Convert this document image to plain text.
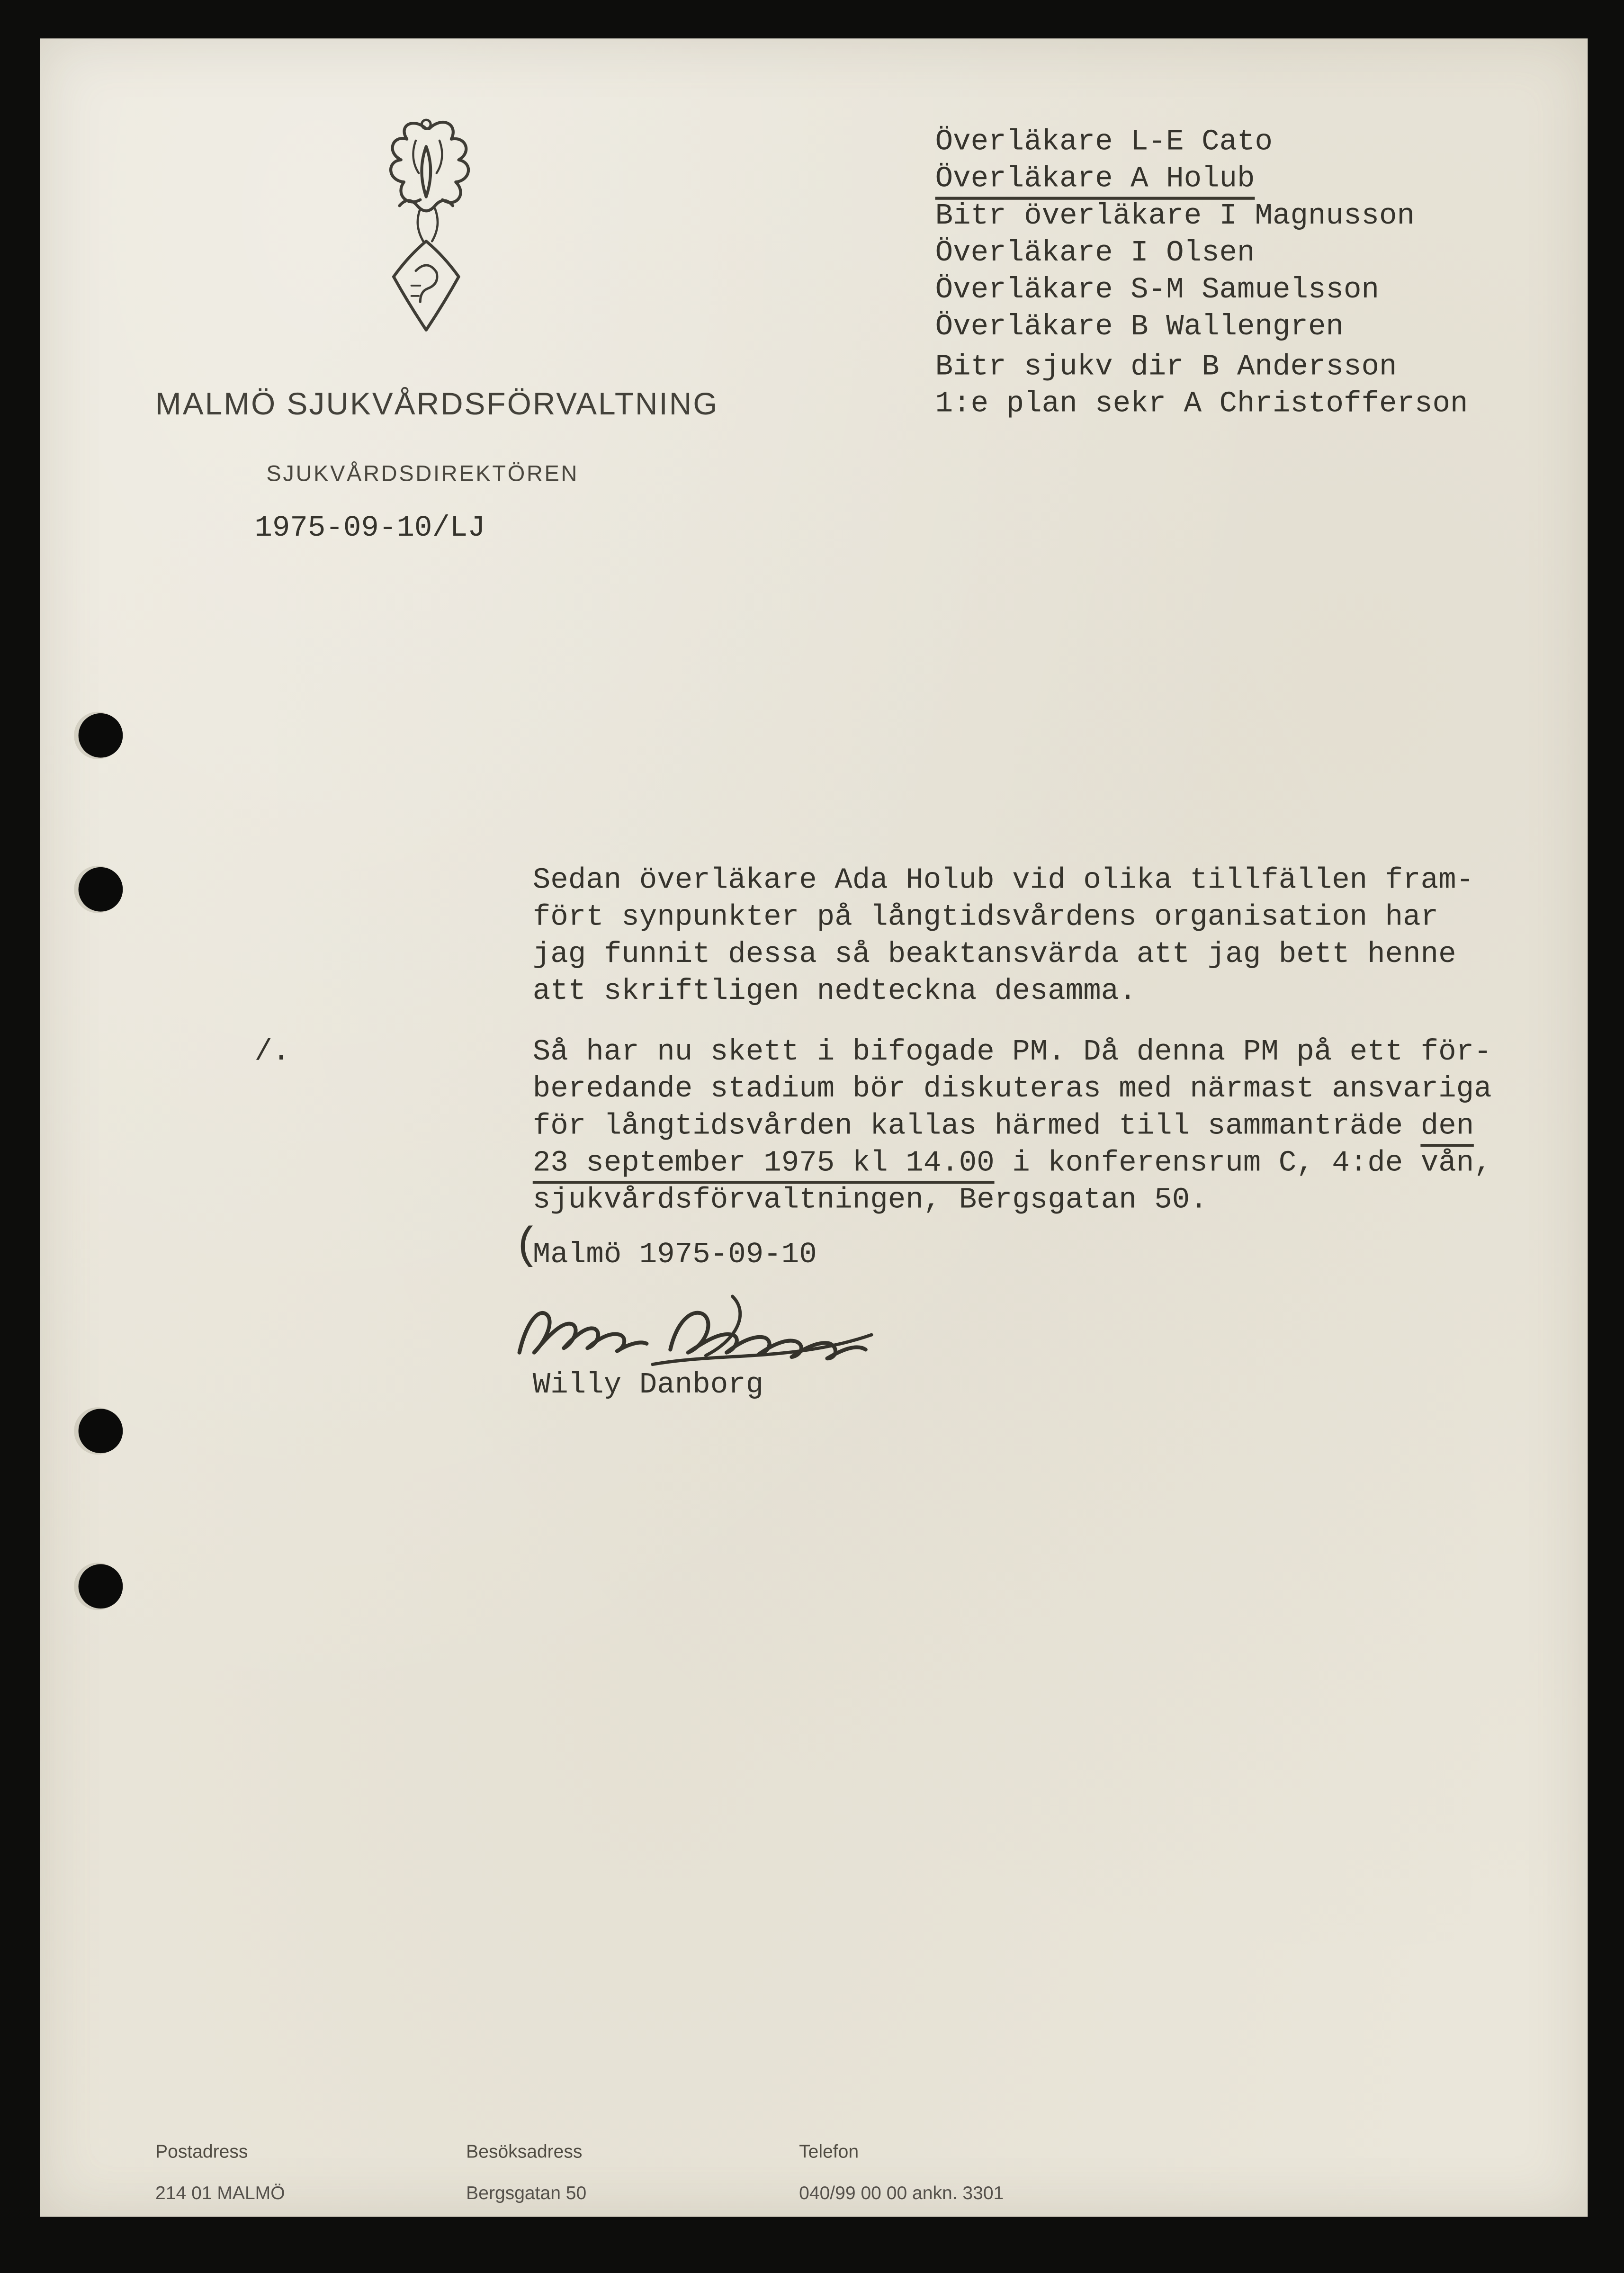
MALMÖ SJUKVÅRDSFÖRVALTNING
SJUKVÅRDSDIREKTÖREN
1975-09-10/LJ
Överläkare L-E Cato
Överläkare A Holub
Bitr överläkare I Magnusson
Överläkare I Olsen
Överläkare S-M Samuelsson
Överläkare B Wallengren
Bitr sjukv dir B Andersson
1:e plan sekr A Christofferson
Sedan överläkare Ada Holub vid olika tillfällen fram-
fört synpunkter på långtidsvårdens organisation har
jag funnit dessa så beaktansvärda att jag bett henne
att skriftligen nedteckna desamma.
/.	Så har nu skett i bifogade PM. Då denna PM på ett för-
beredande stadium bör diskuteras med närmast ansvariga
för långtidsvården kallas härmed till sammanträde den
23 september 1975 kl 14.00 i konferensrum C, 4:de vån,
sjukvårdsförvaltningen, Bergsgatan 50.
(
Malmö 1975-09-10
Willy Danborg
Postadress
214 01 MALMÖ
Besöksadress
Bergsgatan 50
Telefon
040/99 00 00 ankn. 3301
